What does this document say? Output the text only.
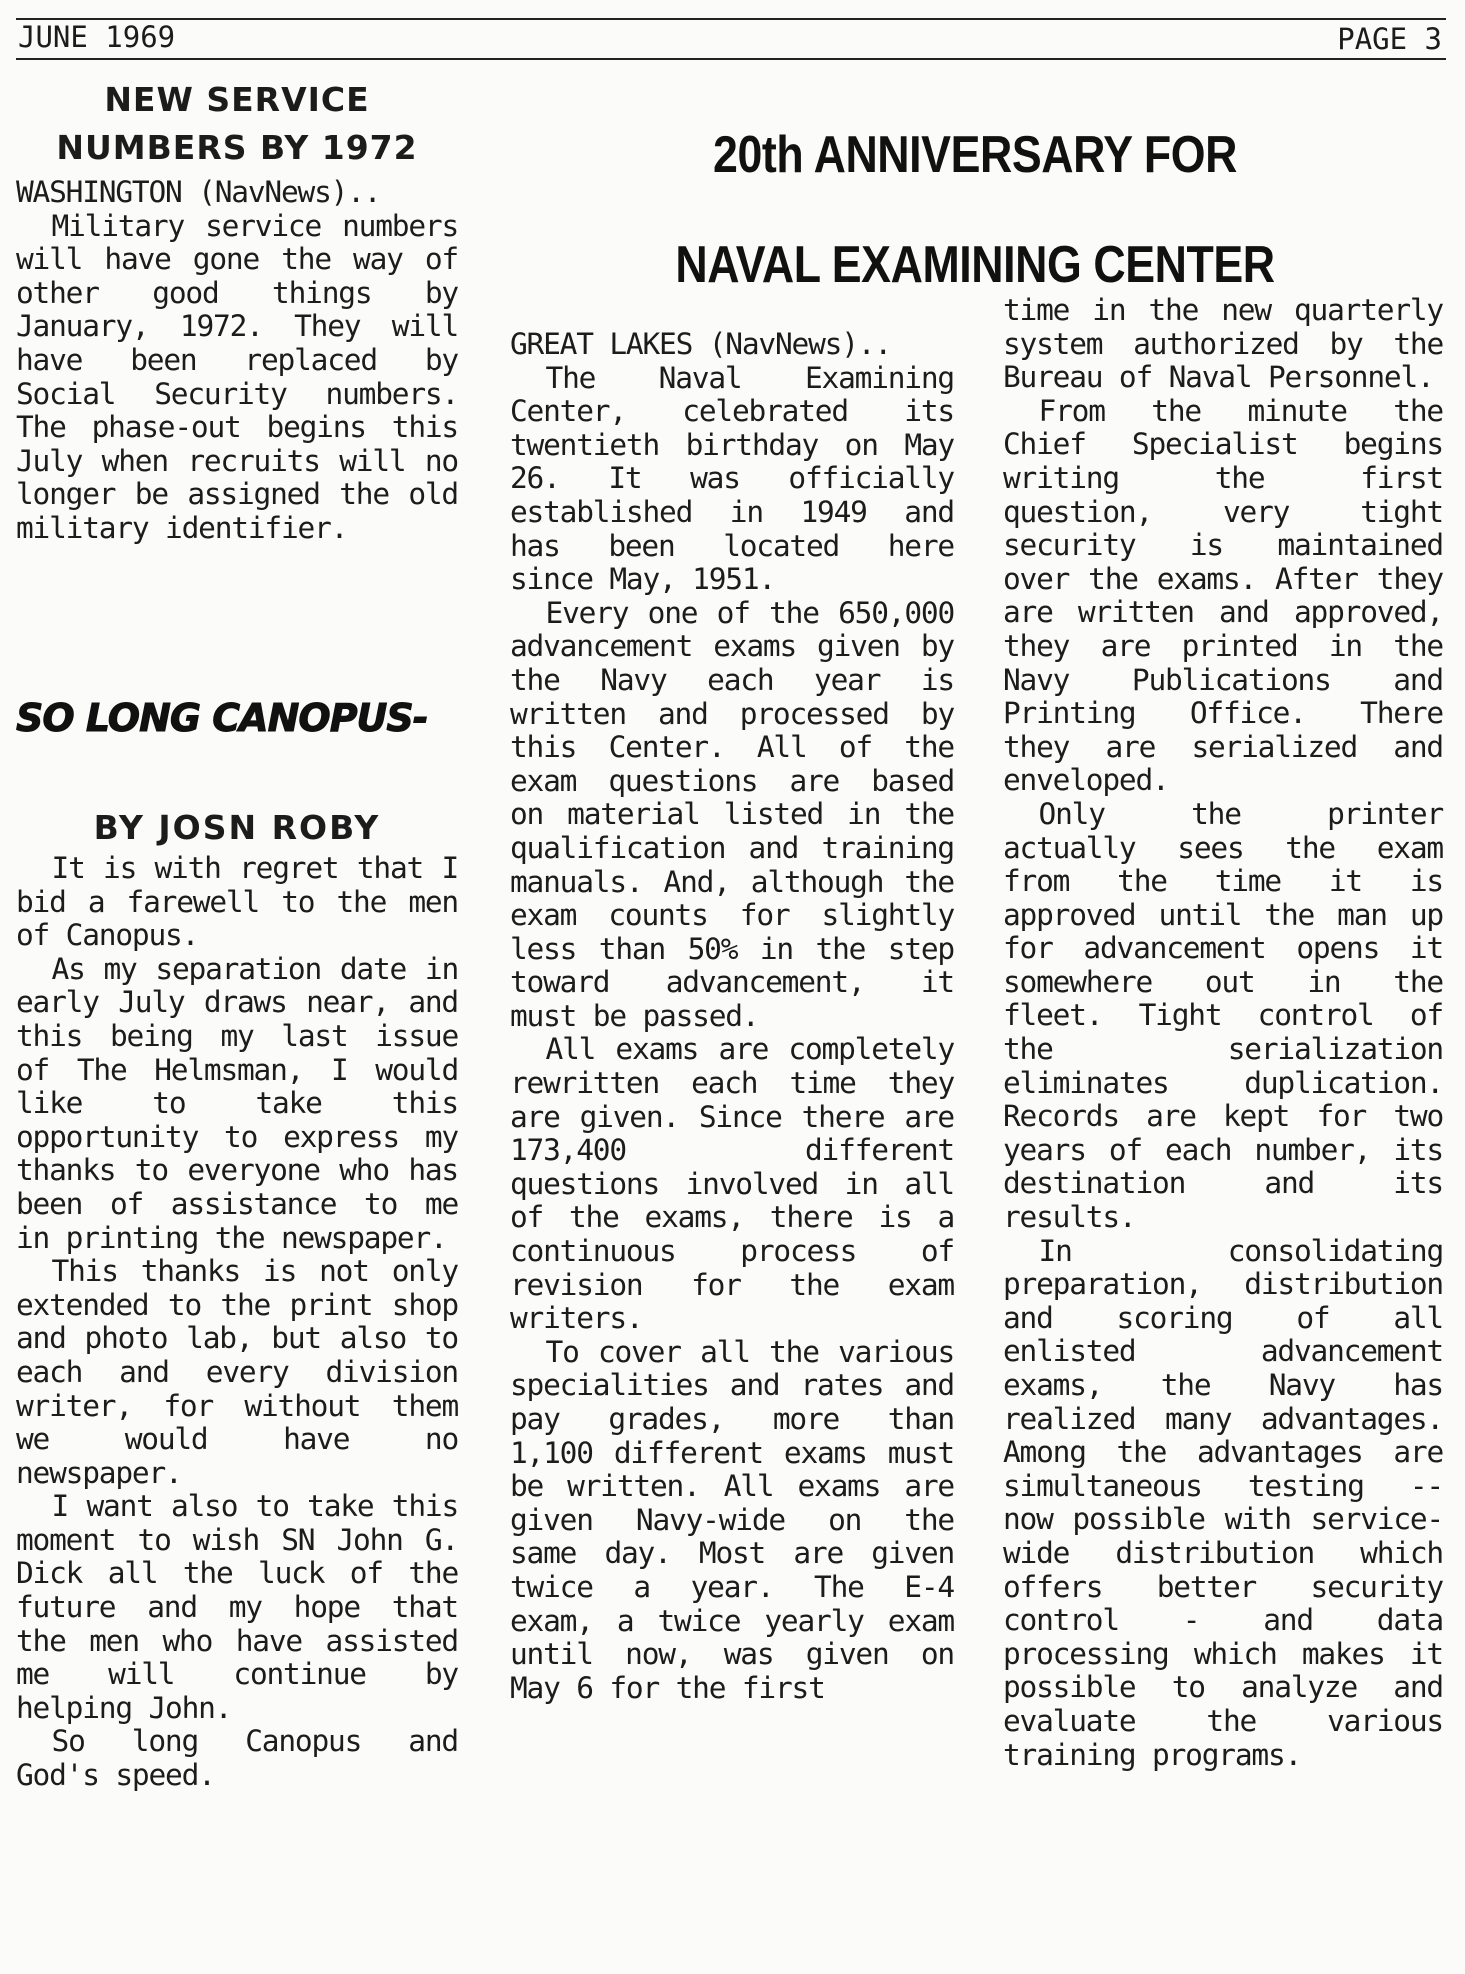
JUNE 1969	PAGE 3

NEW SERVICE

NUMBERS BY 1972

WASHINGTON (NavNews)..

Military service numbers will have gone the way of other good things by January, 1972. They will have been replaced by Social Security numbers. The phase-out begins this July when recruits will no longer be assigned the old military identifier.

SO LONG CANOPUS-

BY JOSN ROBY

It is with regret that I bid a farewell to the men of Canopus.

As my separation date in early July draws near, and this being my last issue of The Helmsman, I would like to take this opportunity to express my thanks to everyone who has been of assistance to me in printing the newspaper.

This thanks is not only extended to the print shop and photo lab, but also to each and every division writer, for without them we would have no newspaper.

I want also to take this moment to wish SN John G. Dick all the luck of the future and my hope that the men who have assisted me will continue by helping John.

So long Canopus and God's speed.

20th ANNIVERSARY FOR

NAVAL EXAMINING CENTER

GREAT LAKES (NavNews)..

The Naval Examining Center, celebrated its twentieth birthday on May 26. It was officially established in 1949 and has been located here since May, 1951.

Every one of the 650,000 advancement exams given by the Navy each year is written and processed by this Center. All of the exam questions are based on material listed in the qualification and training manuals. And, although the exam counts for slightly less than 50% in the step toward advancement, it must be passed.

All exams are completely rewritten each time they are given. Since there are 173,400 different questions involved in all of the exams, there is a continuous process of revision for the exam writers.

To cover all the various specialities and rates and pay grades, more than 1,100 different exams must be written. All exams are given Navy-wide on the same day. Most are given twice a year. The E-4 exam, a twice yearly exam until now, was given on May 6 for the first

time in the new quarterly system authorized by the Bureau of Naval Personnel.

From the minute the Chief Specialist begins writing the first question, very tight security is maintained over the exams. After they are written and approved, they are printed in the Navy Publications and Printing Office. There they are serialized and enveloped.

Only the printer actually sees the exam from the time it is approved until the man up for advancement opens it somewhere out in the fleet. Tight control of the serialization eliminates duplication. Records are kept for two years of each number, its destination and its results.

In consolidating preparation, distribution and scoring of all enlisted advancement exams, the Navy has realized many advantages. Among the advantages are simultaneous testing -- now possible with service-wide distribution which offers better security control - and data processing which makes it possible to analyze and evaluate the various training programs.
